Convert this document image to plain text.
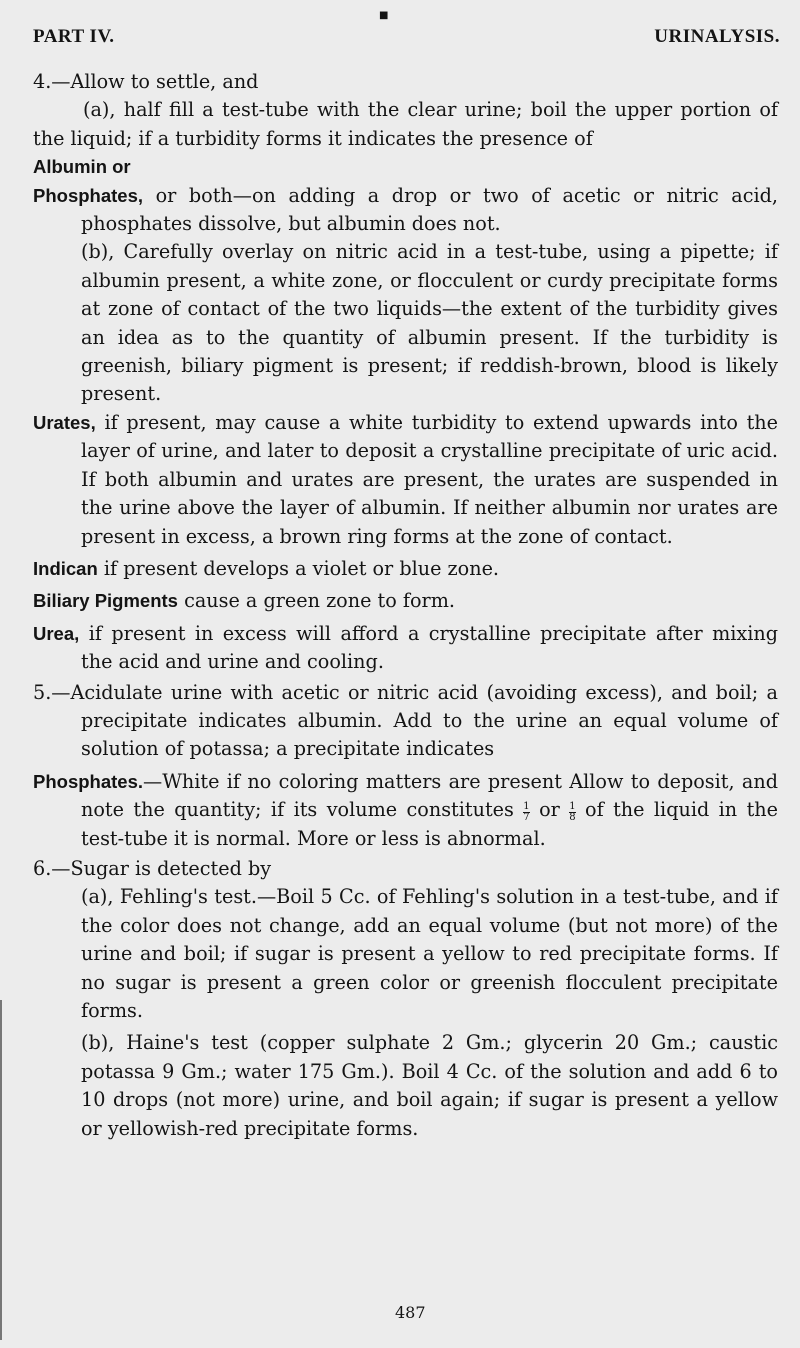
■
PART IV.	URINALYSIS.

4.—Allow to settle, and

(a), half fill a test-tube with the clear urine; boil the upper portion of the liquid; if a turbidity forms it indicates the presence of

Albumin or

Phosphates, or both—on adding a drop or two of acetic or nitric acid, phosphates dissolve, but albumin does not.

(b), Carefully overlay on nitric acid in a test-tube, using a pipette; if albumin present, a white zone, or flocculent or curdy precipitate forms at zone of contact of the two liquids—the extent of the turbidity gives an idea as to the quantity of albumin present. If the turbidity is greenish, biliary pigment is present; if reddish-brown, blood is likely present.

Urates, if present, may cause a white turbidity to extend upwards into the layer of urine, and later to deposit a crystalline precipitate of uric acid. If both albumin and urates are present, the urates are suspended in the urine above the layer of albumin. If neither albumin nor urates are present in excess, a brown ring forms at the zone of contact.

Indican if present develops a violet or blue zone.

Biliary Pigments cause a green zone to form.

Urea, if present in excess will afford a crystalline precipitate after mixing the acid and urine and cooling.

5.—Acidulate urine with acetic or nitric acid (avoiding excess), and boil; a precipitate indicates albumin. Add to the urine an equal volume of solution of potassa; a precipitate indicates

Phosphates.—White if no coloring matters are present Allow to deposit, and note the quantity; if its volume constitutes $\frac{1}{7}$ or $\frac{1}{8}$ of the liquid in the test-tube it is normal. More or less is abnormal.

6.—Sugar is detected by

(a), Fehling's test.—Boil 5 Cc. of Fehling's solution in a test-tube, and if the color does not change, add an equal volume (but not more) of the urine and boil; if sugar is present a yellow to red precipitate forms. If no sugar is present a green color or greenish flocculent precipitate forms.

(b), Haine's test (copper sulphate 2 Gm.; glycerin 20 Gm.; caustic potassa 9 Gm.; water 175 Gm.). Boil 4 Cc. of the solution and add 6 to 10 drops (not more) urine, and boil again; if sugar is present a yellow or yellowish-red precipitate forms.

487
